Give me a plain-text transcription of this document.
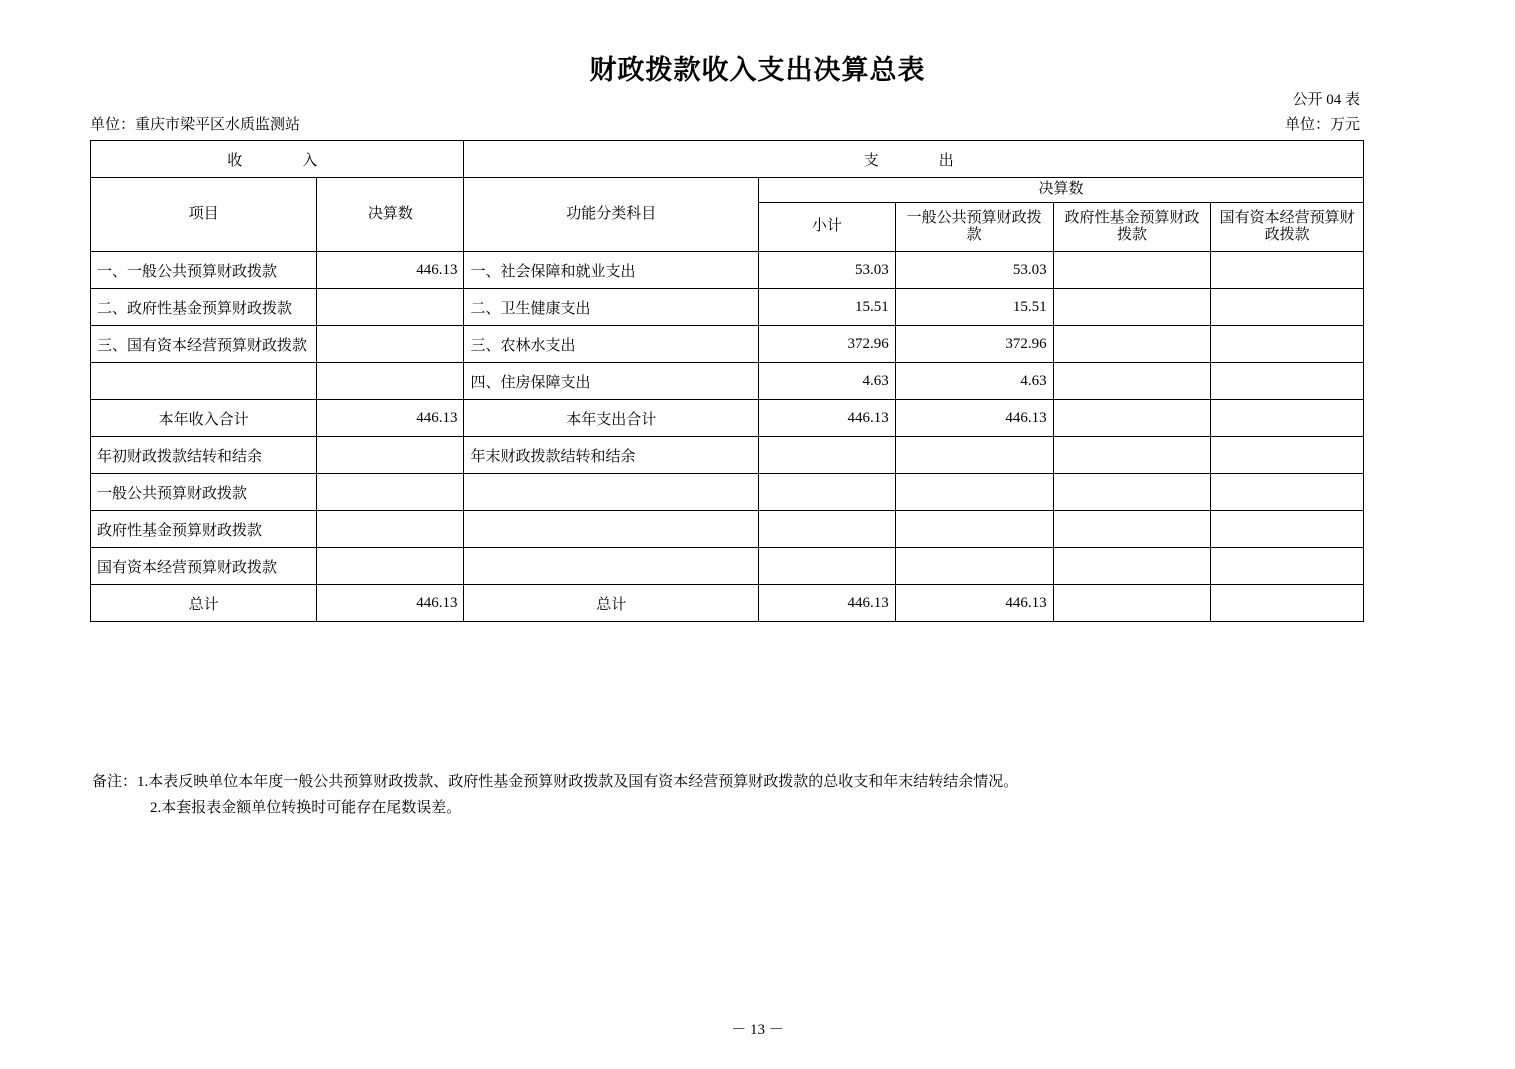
财政拨款收入支出决算总表
公开 04 表
单位：重庆市梁平区水质监测站	单位：万元
收　　入		支　　出				
项目	决算数	功能分类科目	决算数			
			小计	一般公共预算财政拨款	政府性基金预算财政拨款	国有资本经营预算财政拨款
一、一般公共预算财政拨款	446.13	一、社会保障和就业支出	53.03	53.03		
二、政府性基金预算财政拨款		二、卫生健康支出	15.51	15.51		
三、国有资本经营预算财政拨款		三、农林水支出	372.96	372.96		
		四、住房保障支出	4.63	4.63		
本年收入合计	446.13	本年支出合计	446.13	446.13		
年初财政拨款结转和结余		年末财政拨款结转和结余				
一般公共预算财政拨款						
政府性基金预算财政拨款						
国有资本经营预算财政拨款						
总计	446.13	总计	446.13	446.13		
备注：1.本表反映单位本年度一般公共预算财政拨款、政府性基金预算财政拨款及国有资本经营预算财政拨款的总收支和年末结转结余情况。
2.本套报表金额单位转换时可能存在尾数误差。
－ 13 －
